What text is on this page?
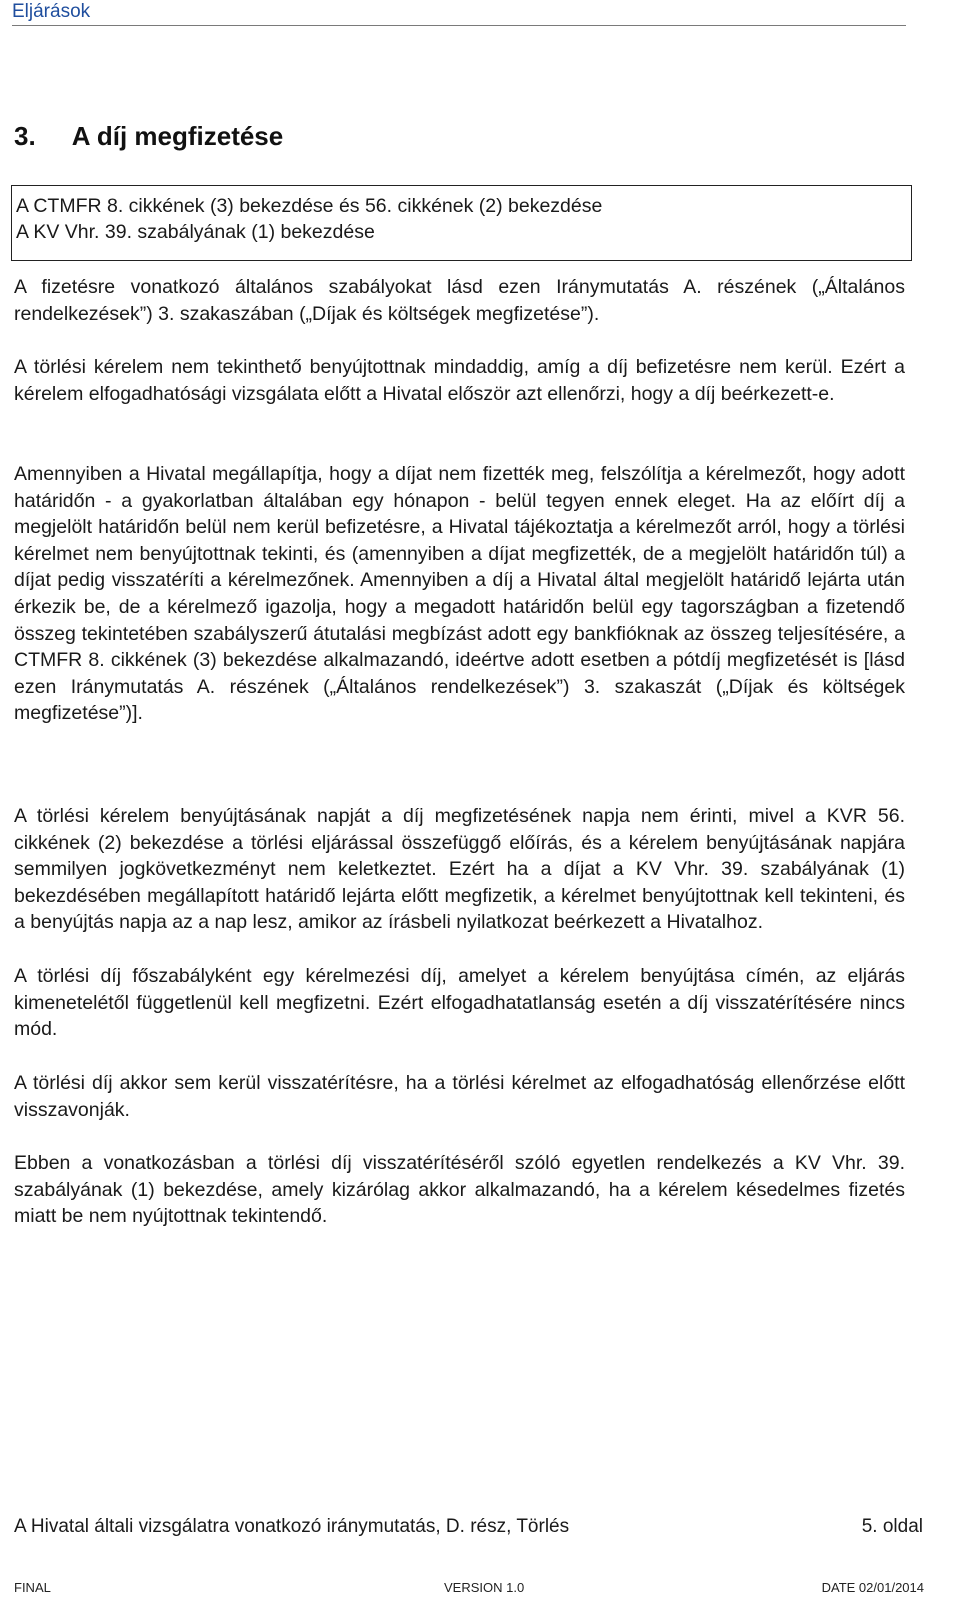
Eljárások
3.     A díj megfizetése
A CTMFR 8. cikkének (3) bekezdése és 56. cikkének (2) bekezdése
A KV Vhr. 39. szabályának (1) bekezdése

A fizetésre vonatkozó általános szabályokat lásd ezen Iránymutatás A. részének („Általános rendelkezések”) 3. szakaszában („Díjak és költségek megfizetése”).

A törlési kérelem nem tekinthető benyújtottnak mindaddig, amíg a díj befizetésre nem kerül. Ezért a kérelem elfogadhatósági vizsgálata előtt a Hivatal először azt ellenőrzi, hogy a díj beérkezett-e.

Amennyiben a Hivatal megállapítja, hogy a díjat nem fizették meg, felszólítja a kérelmezőt, hogy adott határidőn - a gyakorlatban általában egy hónapon - belül tegyen ennek eleget. Ha az előírt díj a megjelölt határidőn belül nem kerül befizetésre, a Hivatal tájékoztatja a kérelmezőt arról, hogy a törlési kérelmet nem benyújtottnak tekinti, és (amennyiben a díjat megfizették, de a megjelölt határidőn túl) a díjat pedig visszatéríti a kérelmezőnek. Amennyiben a díj a Hivatal által megjelölt határidő lejárta után érkezik be, de a kérelmező igazolja, hogy a megadott határidőn belül egy tagországban a fizetendő összeg tekintetében szabályszerű átutalási megbízást adott egy bankfióknak az összeg teljesítésére, a CTMFR 8. cikkének (3) bekezdése alkalmazandó, ideértve adott esetben a pótdíj megfizetését is [lásd ezen Iránymutatás A. részének („Általános rendelkezések”) 3. szakaszát („Díjak és költségek megfizetése”)].

A törlési kérelem benyújtásának napját a díj megfizetésének napja nem érinti, mivel a KVR 56. cikkének (2) bekezdése a törlési eljárással összefüggő előírás, és a kérelem benyújtásának napjára semmilyen jogkövetkezményt nem keletkeztet. Ezért ha a díjat a KV Vhr. 39. szabályának (1) bekezdésében megállapított határidő lejárta előtt megfizetik, a kérelmet benyújtottnak kell tekinteni, és a benyújtás napja az a nap lesz, amikor az írásbeli nyilatkozat beérkezett a Hivatalhoz.

A törlési díj főszabályként egy kérelmezési díj, amelyet a kérelem benyújtása címén, az eljárás kimenetelétől függetlenül kell megfizetni. Ezért elfogadhatatlanság esetén a díj visszatérítésére nincs mód.

A törlési díj akkor sem kerül visszatérítésre, ha a törlési kérelmet az elfogadhatóság ellenőrzése előtt visszavonják.

Ebben a vonatkozásban a törlési díj visszatérítéséről szóló egyetlen rendelkezés a KV Vhr. 39. szabályának (1) bekezdése, amely kizárólag akkor alkalmazandó, ha a kérelem késedelmes fizetés miatt be nem nyújtottnak tekintendő.

A Hivatal általi vizsgálatra vonatkozó iránymutatás, D. rész, Törlés	5. oldal
FINAL	VERSION 1.0	DATE 02/01/2014
